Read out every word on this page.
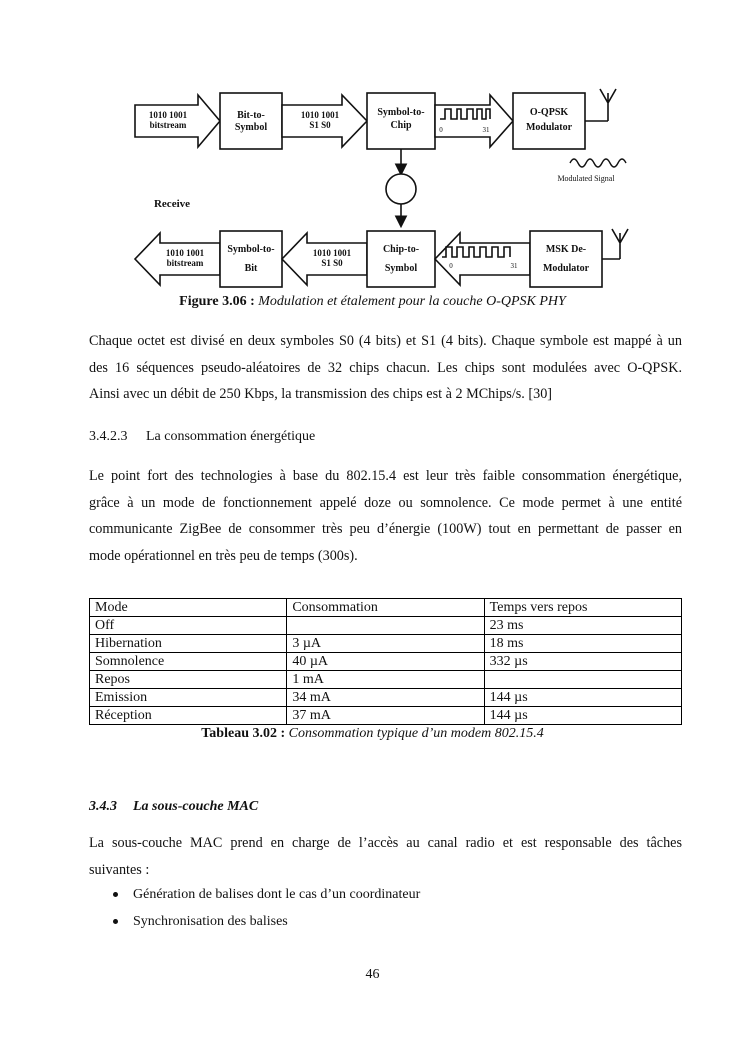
1010 1001
bitstream
Bit-to-
Symbol
1010 1001
S1 S0
Symbol-to-
Chip	0	31
O-QPSK
Modulator
Modulated Signal
Receive
1010 1001
bitstream
Symbol-to-
Bit
1010 1001
S1 S0
Chip-to-
Symbol	0	31
MSK De-
Modulator
Figure 3.06 : Modulation et étalement pour la couche O-QPSK PHY
Chaque octet est divisé en deux symboles S0 (4 bits) et S1 (4 bits). Chaque symbole est mappé à un
des 16 séquences pseudo-aléatoires de 32 chips chacun. Les chips sont modulées avec O-QPSK.
Ainsi avec un débit de 250 Kbps, la transmission des chips est à 2 MChips/s. [30]
3.4.2.3 La consommation énergétique
Le point fort des technologies à base du 802.15.4 est leur très faible consommation énergétique,
grâce à un mode de fonctionnement appelé doze ou somnolence. Ce mode permet à une entité
communicante ZigBee de consommer très peu d’énergie (100W) tout en permettant de passer en
mode opérationnel en très peu de temps (300s).
Mode	Consommation	Temps vers repos
Off		23 ms
Hibernation	3 µA	18 ms
Somnolence	40 µA	332 µs
Repos	1 mA	
Emission	34 mA	144 µs
Réception	37 mA	144 µs
Tableau 3.02 : Consommation typique d’un modem 802.15.4
3.4.3 La sous-couche MAC
La sous-couche MAC prend en charge de l’accès au canal radio et est responsable des tâches
suivantes :
Génération de balises dont le cas d’un coordinateur
Synchronisation des balises
46
